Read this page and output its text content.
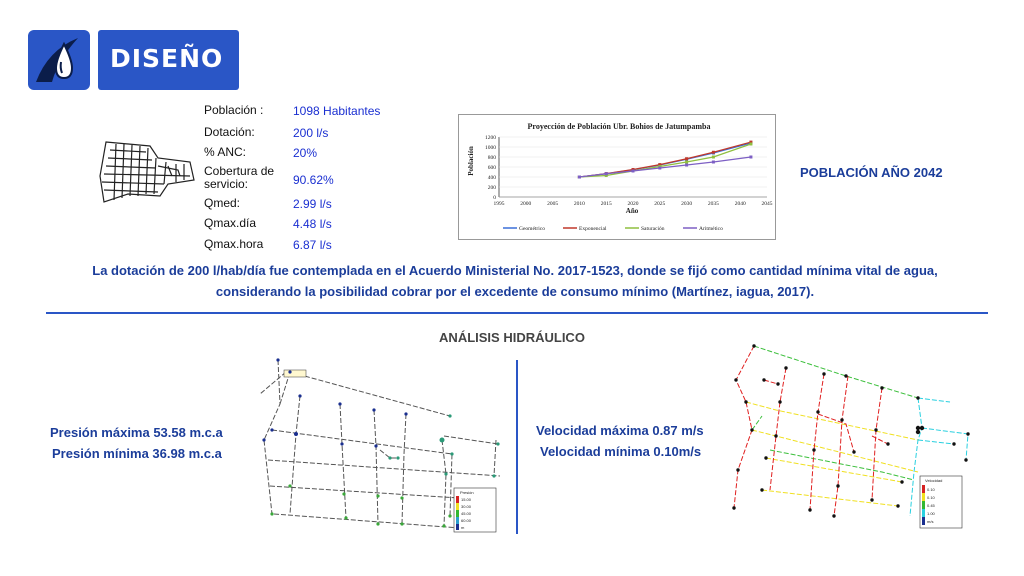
DISEÑO
Población : 1098 Habitantes
Dotación:	200 l/s
% ANC:	20%
Cobertura de servicio:	90.62%
Qmed:	2.99 l/s
Qmax.día	4.48 l/s
Qmax.hora 6.87 l/s
Proyección de Población Ubr. Bohios de Jatumpamba
Población
Año
0
200
400
600
800
1000
1200
1995	2000	2005	2010	2015	2020	2025	2030	2035	2040	2045
Geométrico	Exponencial	Saturación	Aritmético
POBLACIÓN AÑO 2042
La dotación de 200 l/hab/día fue contemplada en el Acuerdo Ministerial No. 2017-1523, donde se fijó como cantidad mínima vital de agua, considerando la posibilidad cobrar por el excedente de consumo mínimo (Martínez, iagua, 2017).
ANÁLISIS HIDRÁULICO
Presión máxima 53.58 m.c.a
Presión mínima 36.98 m.c.a
Velocidad máxima 0.87 m/s
Velocidad mínima 0.10m/s
Presión
15.00
30.00
45.00
60.00
m
Velocidad
0.10
0.10
0.45
1.00
m/s
